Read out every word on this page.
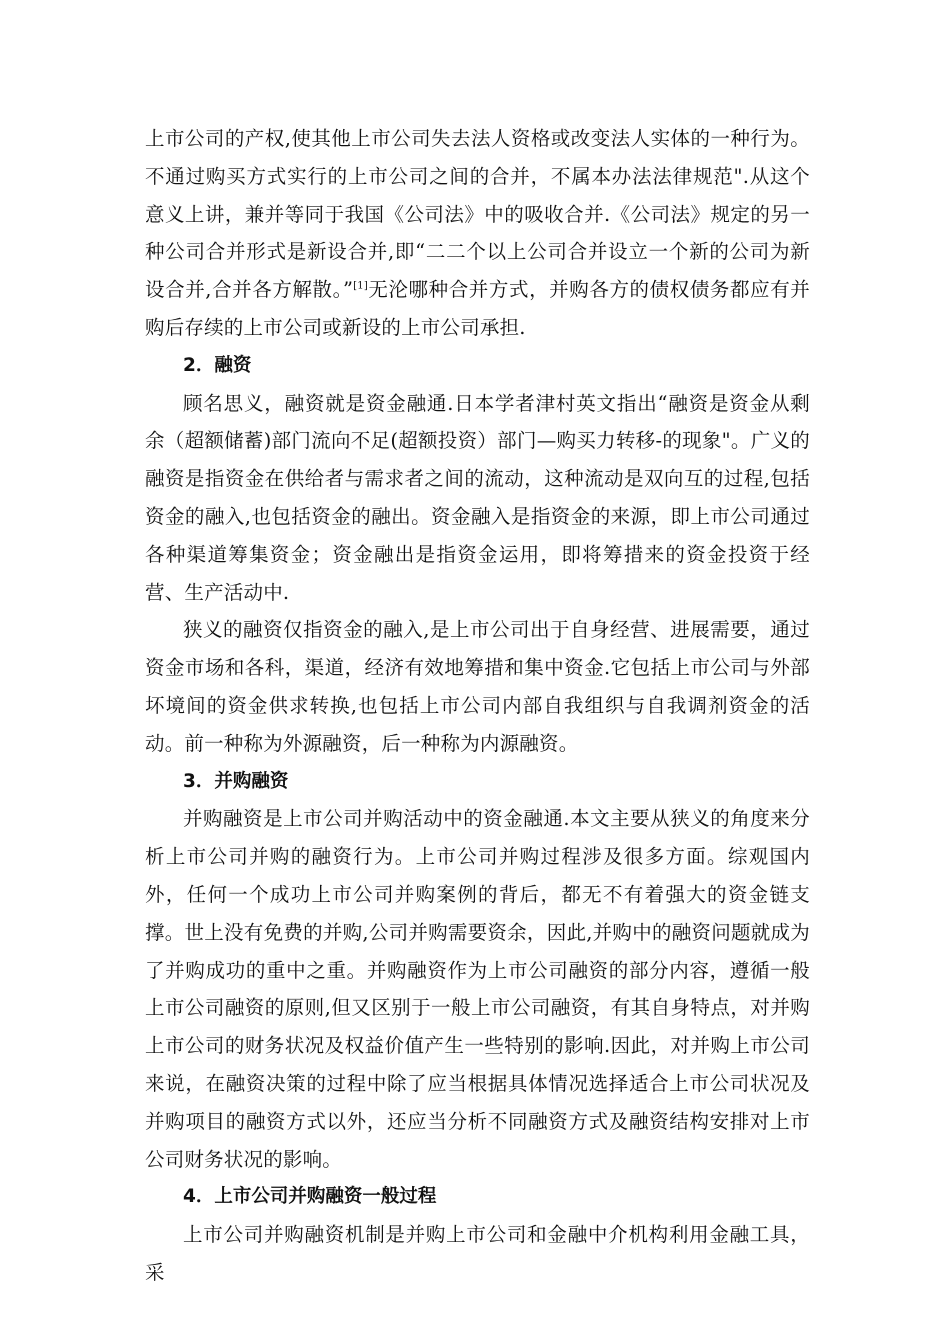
上市公司的产权,使其他上市公司失去法人资格或改变法人实体的一种行为。不通过购买方式实行的上市公司之间的合并，不属本办法法律规范".从这个意义上讲，兼并等同于我国《公司法》中的吸收合并.《公司法》规定的另一种公司合并形式是新设合并,即“二二个以上公司合并设立一个新的公司为新设合并,合并各方解散。”[1]无沦哪种合并方式，并购各方的债权债务都应有并购后存续的上市公司或新设的上市公司承担.

2．融资

顾名思义，融资就是资金融通.日本学者津村英文指出“融资是资金从剩余（超额储蓄)部门流向不足(超额投资）部门—购买力转移-的现象"。广义的融资是指资金在供给者与需求者之间的流动，这种流动是双向互的过程,包括资金的融入,也包括资金的融出。资金融入是指资金的来源，即上市公司通过各种渠道筹集资金；资金融出是指资金运用，即将筹措来的资金投资于经营、生产活动中.

狭义的融资仅指资金的融入,是上市公司出于自身经营、进展需要，通过资金市场和各科，渠道，经济有效地筹措和集中资金.它包括上市公司与外部坏境间的资金供求转换,也包括上市公司内部自我组织与自我调剂资金的活动。前一种称为外源融资，后一种称为内源融资。

3．并购融资

并购融资是上市公司并购活动中的资金融通.本文主要从狭义的角度来分析上市公司并购的融资行为。上市公司并购过程涉及很多方面。综观国内外，任何一个成功上市公司并购案例的背后，都无不有着强大的资金链支撑。世上没有免费的并购,公司并购需要资余，因此,并购中的融资问题就成为了并购成功的重中之重。并购融资作为上市公司融资的部分内容，遵循一般上市公司融资的原则,但又区别于一般上市公司融资，有其自身特点，对并购上市公司的财务状况及权益价值产生一些特别的影响.因此，对并购上市公司来说，在融资决策的过程中除了应当根据具体情况选择适合上市公司状况及并购项目的融资方式以外，还应当分析不同融资方式及融资结构安排对上市公司财务状况的影响。

4．上市公司并购融资一般过程

上市公司并购融资机制是并购上市公司和金融中介机构利用金融工具，采
